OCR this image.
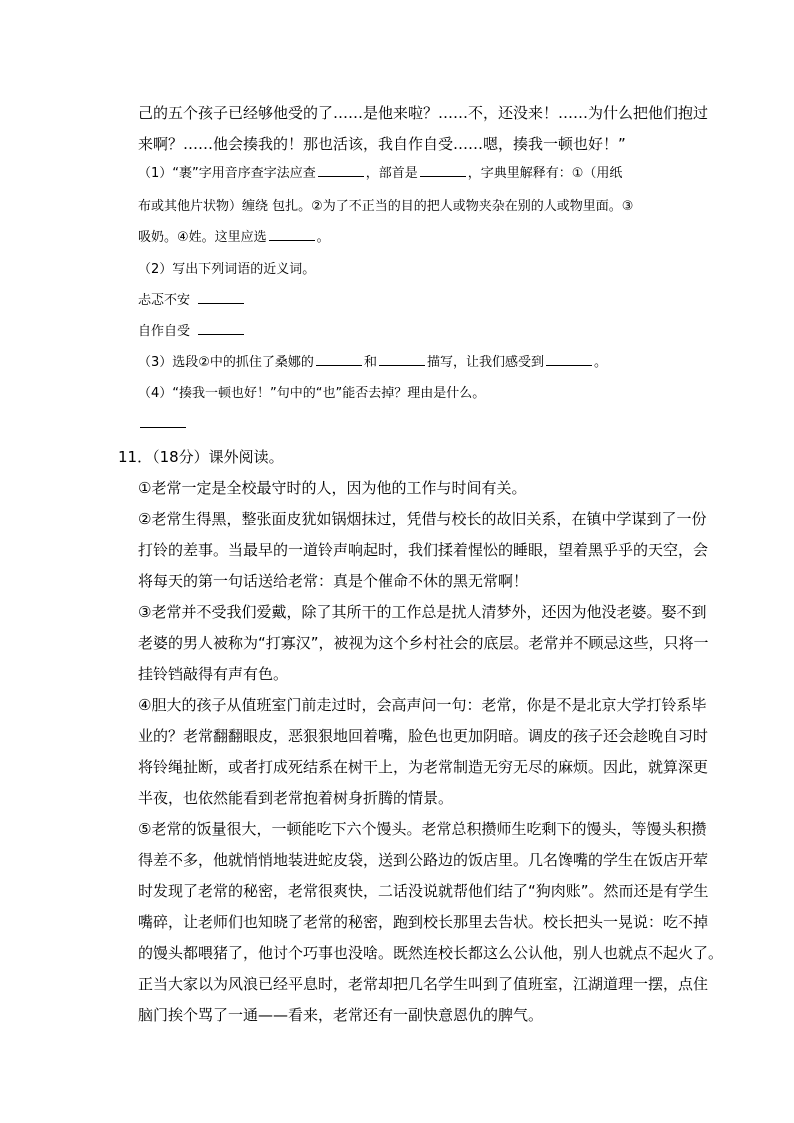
己的五个孩子已经够他受的了……是他来啦？……不，还没来！……为什么把他们抱过
来啊？……他会揍我的！那也活该，我自作自受……嗯，揍我一顿也好！”
（1）“裹”字用音序查字法应查	，部首是	，字典里解释有：①（用纸
布或其他片状物）缠绕 包扎。②为了不正当的目的把人或物夹杂在别的人或物里面。③
吸奶。④姓。这里应选	。
（2）写出下列词语的近义词。
忐忑不安
自作自受
（3）选段②中的抓住了桑娜的	和	描写，让我们感受到	。
（4）“揍我一顿也好！”句中的“也”能否去掉？理由是什么。
11．（18分）课外阅读。
①老常一定是全校最守时的人，因为他的工作与时间有关。
②老常生得黑，整张面皮犹如锅烟抹过，凭借与校长的故旧关系，在镇中学谋到了一份
打铃的差事。当最早的一道铃声响起时，我们揉着惺忪的睡眼，望着黑乎乎的天空，会
将每天的第一句话送给老常：真是个催命不休的黑无常啊！
③老常并不受我们爱戴，除了其所干的工作总是扰人清梦外，还因为他没老婆。娶不到
老婆的男人被称为“打寡汉”，被视为这个乡村社会的底层。老常并不顾忌这些，只将一
挂铃铛敲得有声有色。
④胆大的孩子从值班室门前走过时，会高声问一句：老常，你是不是北京大学打铃系毕
业的？老常翻翻眼皮，恶狠狠地回着嘴，脸色也更加阴暗。调皮的孩子还会趁晚自习时
将铃绳扯断，或者打成死结系在树干上，为老常制造无穷无尽的麻烦。因此，就算深更
半夜，也依然能看到老常抱着树身折腾的情景。
⑤老常的饭量很大，一顿能吃下六个馒头。老常总积攒师生吃剩下的馒头，等馒头积攒
得差不多，他就悄悄地装进蛇皮袋，送到公路边的饭店里。几名馋嘴的学生在饭店开荤
时发现了老常的秘密，老常很爽快，二话没说就帮他们结了“狗肉账”。然而还是有学生
嘴碎，让老师们也知晓了老常的秘密，跑到校长那里去告状。校长把头一晃说：吃不掉
的馒头都喂猪了，他讨个巧事也没啥。既然连校长都这么公认他，别人也就点不起火了。
正当大家以为风浪已经平息时，老常却把几名学生叫到了值班室，江湖道理一摆，点住
脑门挨个骂了一通——看来，老常还有一副快意恩仇的脾气。
